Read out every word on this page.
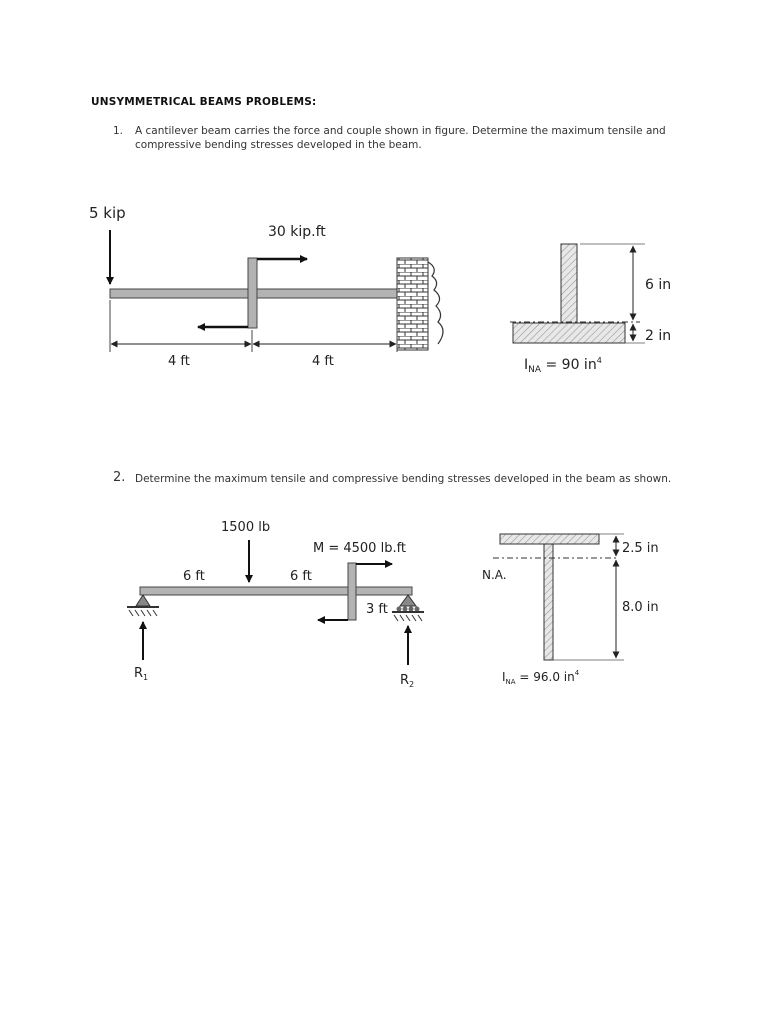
UNSYMMETRICAL BEAMS PROBLEMS:
1. A cantilever beam carries the force and couple shown in figure. Determine the maximum tensile and compressive bending stresses developed in the beam.
2. Determine the maximum tensile and compressive bending stresses developed in the beam as shown.
5 kip
30 kip.ft
4 ft	4 ft
6 in
2 in
$I_{NA} = 90$ $in^4$
1500 lb
6 ft	6 ft
M = 4500 lb.ft
3 ft
$R_1$	$R_2$
N.A.
2.5 in
8.0 in
$I_{NA} = 96.0$ $in^4$
